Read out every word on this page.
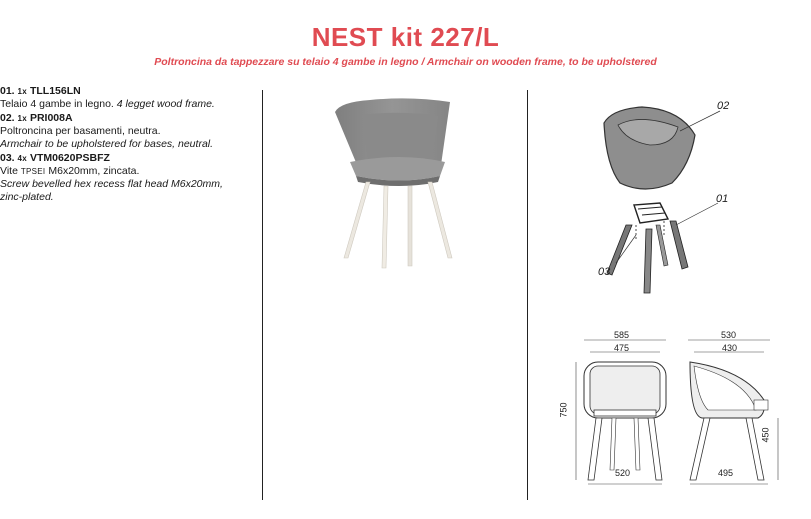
NEST kit 227/L
Poltroncina da tappezzare su telaio 4 gambe in legno / Armchair on wooden frame, to be upholstered
01. 1x TLL156LN
Telaio 4 gambe in legno. 4 legget wood frame.
02. 1x PRI008A
Poltroncina per basamenti, neutra.
Armchair to be upholstered for bases, neutral.
03. 4x VTM0620PSBFZ
Vite TPSEI M6x20mm, zincata.
Screw bevelled hex recess flat head M6x20mm,
zinc-plated.
02
01
03
585
475
520
750
530
430
495
450
